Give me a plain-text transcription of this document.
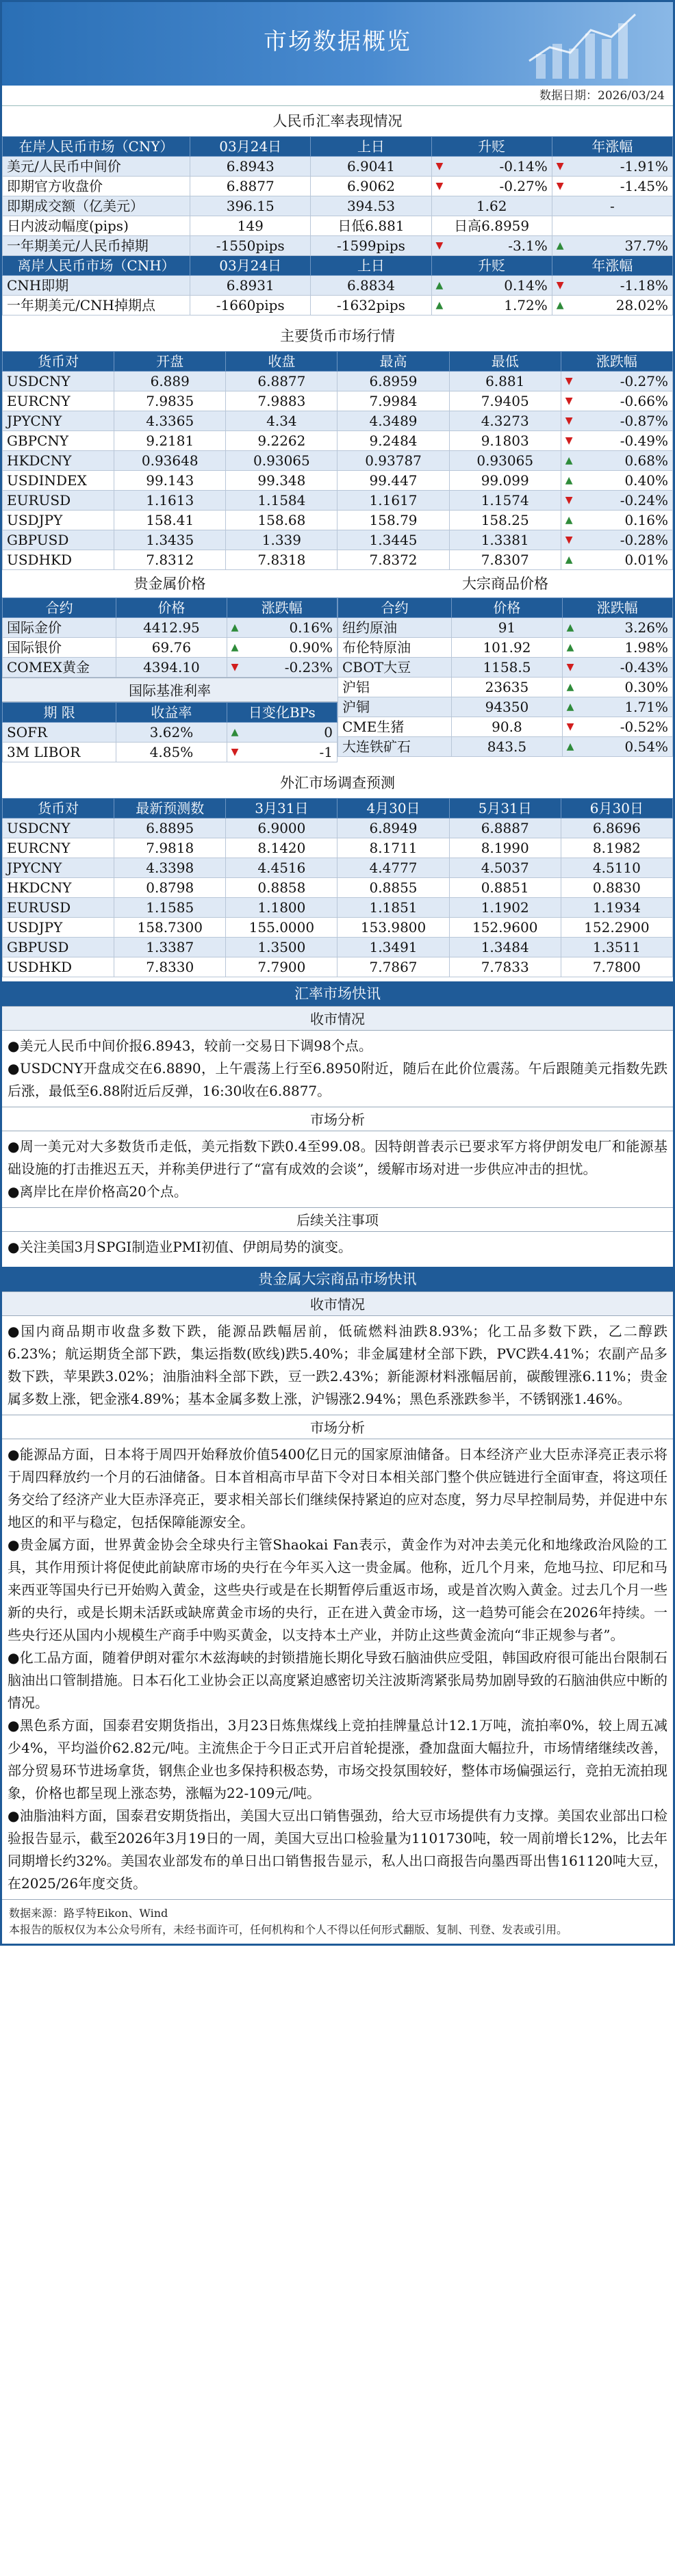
市场数据概览
数据日期：2026/03/24
人民币汇率表现情况
在岸人民币市场（CNY）	03月24日	上日	升贬	年涨幅
美元/人民币中间价	6.8943	6.9041	▼ -0.14%	▼ -1.91%

即期官方收盘价	6.8877	6.9062	▼ -0.27%	▼ -1.45%

即期成交额（亿美元）	396.15	394.53	1.62	-
日内波动幅度(pips)	149	日低6.881	日高6.8959	
一年期美元/人民币掉期	-1550pips	-1599pips	▼ -3.1%	▲ 37.7%

离岸人民币市场（CNH）	03月24日	上日	升贬	年涨幅
CNH即期	6.8931	6.8834	▲ 0.14%	▼ -1.18%

一年期美元/CNH掉期点	-1660pips	-1632pips	▲ 1.72%	▲ 28.02%
主要货币市场行情
货币对	开盘	收盘	最高	最低	涨跌幅
USDCNY	6.889	6.8877	6.8959	6.881	▼ -0.27%

EURCNY	7.9835	7.9883	7.9984	7.9405	▼ -0.66%

JPYCNY	4.3365	4.34	4.3489	4.3273	▼ -0.87%

GBPCNY	9.2181	9.2262	9.2484	9.1803	▼ -0.49%

HKDCNY	0.93648	0.93065	0.93787	0.93065	▲ 0.68%

USDINDEX	99.143	99.348	99.447	99.099	▲ 0.40%

EURUSD	1.1613	1.1584	1.1617	1.1574	▼ -0.24%

USDJPY	158.41	158.68	158.79	158.25	▲ 0.16%

GBPUSD	1.3435	1.339	1.3445	1.3381	▼ -0.28%

USDHKD	7.8312	7.8318	7.8372	7.8307	▲ 0.01%
贵金属价格
合约	价格	涨跌幅
国际金价	4412.95	▲ 0.16%

国际银价	69.76	▲ 0.90%

COMEX黄金	4394.10	▼ -0.23%
国际基准利率
期 限	收益率	日变化BPs
SOFR	3.62%	▲ 0

3M LIBOR	4.85%	▼ -1
大宗商品价格
合约	价格	涨跌幅
纽约原油	91	▲ 3.26%

布伦特原油	101.92	▲ 1.98%

CBOT大豆	1158.5	▼ -0.43%

沪铝	23635	▲ 0.30%

沪铜	94350	▲ 1.71%

CME生猪	90.8	▼ -0.52%

大连铁矿石	843.5	▲ 0.54%
外汇市场调查预测
货币对	最新预测数	3月31日	4月30日	5月31日	6月30日
USDCNY	6.8895	6.9000	6.8949	6.8887	6.8696
EURCNY	7.9818	8.1420	8.1711	8.1990	8.1982
JPYCNY	4.3398	4.4516	4.4777	4.5037	4.5110
HKDCNY	0.8798	0.8858	0.8855	0.8851	0.8830
EURUSD	1.1585	1.1800	1.1851	1.1902	1.1934
USDJPY	158.7300	155.0000	153.9800	152.9600	152.2900
GBPUSD	1.3387	1.3500	1.3491	1.3484	1.3511
USDHKD	7.8330	7.7900	7.7867	7.7833	7.7800
汇率市场快讯
收市情况

●美元人民币中间价报6.8943，较前一交易日下调98个点。

●USDCNY开盘成交在6.8890，上午震荡上行至6.8950附近，随后在此价位震荡。午后跟随美元指数先跌后涨，最低至6.88附近后反弹，16:30收在6.8877。

市场分析

●周一美元对大多数货币走低，美元指数下跌0.4至99.08。因特朗普表示已要求军方将伊朗发电厂和能源基础设施的打击推迟五天，并称美伊进行了“富有成效的会谈”，缓解市场对进一步供应冲击的担忧。

●离岸比在岸价格高20个点。

后续关注事项

●关注美国3月SPGI制造业PMI初值、伊朗局势的演变。

贵金属大宗商品市场快讯
收市情况

●国内商品期市收盘多数下跌，能源品跌幅居前，低硫燃料油跌8.93%；化工品多数下跌，乙二醇跌6.23%；航运期货全部下跌，集运指数(欧线)跌5.40%；非金属建材全部下跌，PVC跌4.41%；农副产品多数下跌，苹果跌3.02%；油脂油料全部下跌，豆一跌2.43%；新能源材料涨幅居前，碳酸锂涨6.11%；贵金属多数上涨，钯金涨4.89%；基本金属多数上涨，沪锡涨2.94%；黑色系涨跌参半，不锈钢涨1.46%。

市场分析

●能源品方面，日本将于周四开始释放价值5400亿日元的国家原油储备。日本经济产业大臣赤泽亮正表示将于周四释放约一个月的石油储备。日本首相高市早苗下令对日本相关部门整个供应链进行全面审查，将这项任务交给了经济产业大臣赤泽亮正，要求相关部长们继续保持紧迫的应对态度，努力尽早控制局势，并促进中东地区的和平与稳定，包括保障能源安全。

●贵金属方面，世界黄金协会全球央行主管Shaokai Fan表示，黄金作为对冲去美元化和地缘政治风险的工具，其作用预计将促使此前缺席市场的央行在今年买入这一贵金属。他称，近几个月来，危地马拉、印尼和马来西亚等国央行已开始购入黄金，这些央行或是在长期暂停后重返市场，或是首次购入黄金。过去几个月一些新的央行，或是长期未活跃或缺席黄金市场的央行，正在进入黄金市场，这一趋势可能会在2026年持续。一些央行还从国内小规模生产商手中购买黄金，以支持本土产业，并防止这些黄金流向“非正规参与者”。

●化工品方面，随着伊朗对霍尔木兹海峡的封锁措施长期化导致石脑油供应受阻，韩国政府很可能出台限制石脑油出口管制措施。日本石化工业协会正以高度紧迫感密切关注波斯湾紧张局势加剧导致的石脑油供应中断的情况。

●黑色系方面，国泰君安期货指出，3月23日炼焦煤线上竞拍挂牌量总计12.1万吨，流拍率0%，较上周五减少4%，平均溢价62.82元/吨。主流焦企于今日正式开启首轮提涨，叠加盘面大幅拉升，市场情绪继续改善，部分贸易环节进场拿货，钢焦企业也多保持积极态势，市场交投氛围较好，整体市场偏强运行，竞拍无流拍现象，价格也都呈现上涨态势，涨幅为22-109元/吨。

●油脂油料方面，国泰君安期货指出，美国大豆出口销售强劲，给大豆市场提供有力支撑。美国农业部出口检验报告显示，截至2026年3月19日的一周，美国大豆出口检验量为1101730吨，较一周前增长12%，比去年同期增长约32%。美国农业部发布的单日出口销售报告显示，私人出口商报告向墨西哥出售161120吨大豆，在2025/26年度交货。

数据来源：路孚特Eikon、Wind
本报告的版权仅为本公众号所有，未经书面许可，任何机构和个人不得以任何形式翻版、复制、刊登、发表或引用。
